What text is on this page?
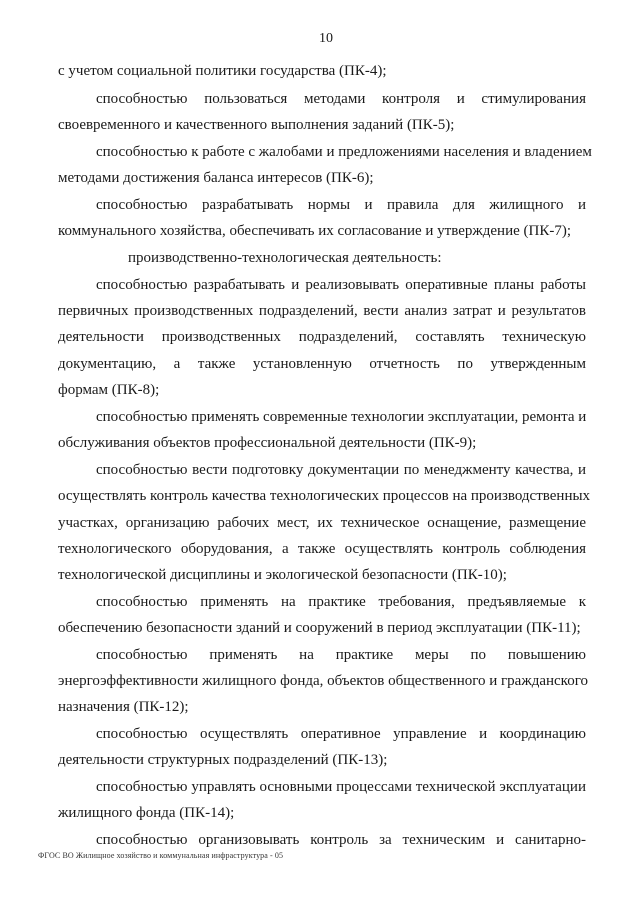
10
с учетом социальной политики государства (ПК-4);
способностью пользоваться методами контроля и стимулирования
своевременного и качественного выполнения заданий (ПК-5);
способностью к работе с жалобами и предложениями населения и владением
методами достижения баланса интересов (ПК-6);
способностью разрабатывать нормы и правила для жилищного и
коммунального хозяйства, обеспечивать их согласование и утверждение (ПК-7);
производственно-технологическая деятельность:
способностью разрабатывать и реализовывать оперативные планы работы
первичных производственных подразделений, вести анализ затрат и результатов
деятельности производственных подразделений, составлять техническую
документацию, а также установленную отчетность по утвержденным
формам (ПК-8);
способностью применять современные технологии эксплуатации, ремонта и
обслуживания объектов профессиональной деятельности (ПК-9);
способностью вести подготовку документации по менеджменту качества, и
осуществлять контроль качества технологических процессов на производственных
участках, организацию рабочих мест, их техническое оснащение, размещение
технологического оборудования, а также осуществлять контроль соблюдения
технологической дисциплины и экологической безопасности (ПК-10);
способностью применять на практике требования, предъявляемые к
обеспечению безопасности зданий и сооружений в период эксплуатации (ПК-11);
способностью применять на практике меры по повышению
энергоэффективности жилищного фонда, объектов общественного и гражданского
назначения (ПК-12);
способностью осуществлять оперативное управление и координацию
деятельности структурных подразделений (ПК-13);
способностью управлять основными процессами технической эксплуатации
жилищного фонда (ПК-14);
способностью организовывать контроль за техническим и санитарно-
ФГОС ВО Жилищное хозяйство и коммунальная инфраструктура - 05
